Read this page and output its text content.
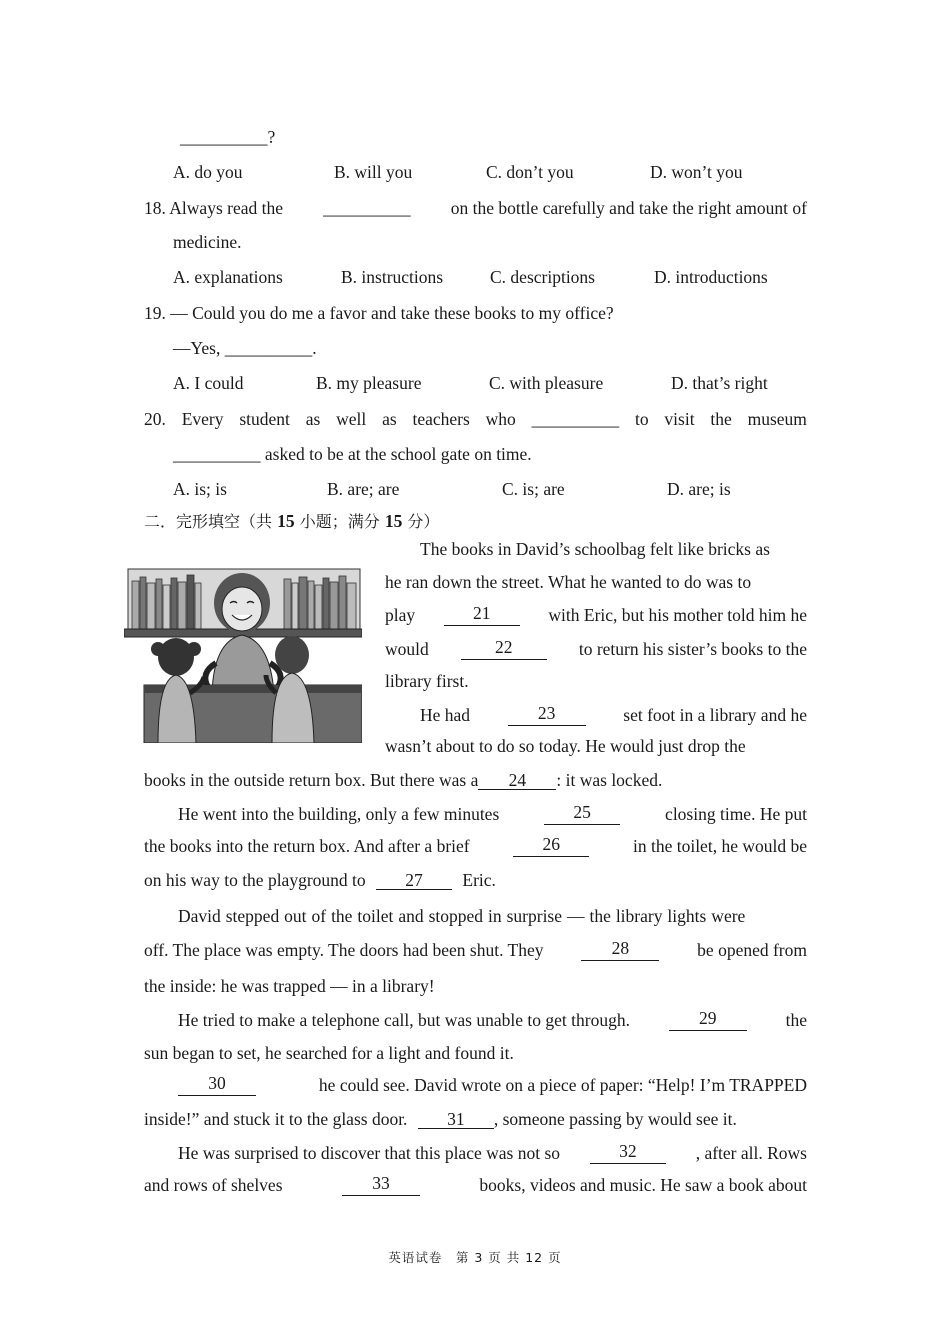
__________?
A. do you	B. will you	C. don’t you	D. won’t you
18. Always read the __________ on the bottle carefully and take the right amount of
medicine.
A. explanations	B. instructions	C. descriptions	D. introductions
19. — Could you do me a favor and take these books to my office?
—Yes, __________.
A. I could	B. my pleasure	C. with pleasure	D. that’s right
20. Every student as well as teachers who __________ to visit the museum
__________ asked to be at the school gate on time.
A. is; is	B. are; are	C. is; are	D. are; is
二．完形填空（共 15 小题；满分 15 分）
The books in David’s schoolbag felt like bricks as
he ran down the street. What he wanted to do was to
play	21	with Eric, but his mother told him he
would	22	to return his sister’s books to the
library first.
He had	23	set foot in a library and he
wasn’t about to do so today. He would just drop the
books in the outside return box. But there was a 24 : it was locked.
He went into the building, only a few minutes	25	closing time. He put
the books into the return box. And after a brief	26	in the toilet, he would be
on his way to the playground to 27 Eric.
David stepped out of the toilet and stopped in surprise — the library lights were
off. The place was empty. The doors had been shut. They	28	be opened from
the inside: he was trapped — in a library!
He tried to make a telephone call, but was unable to get through.	29	the
sun began to set, he searched for a light and found it.
30	he could see. David wrote on a piece of paper: “Help! I’m TRAPPED
inside!” and stuck it to the glass door. 31 , someone passing by would see it.
He was surprised to discover that this place was not so	32	, after all. Rows
and rows of shelves	33	books, videos and music. He saw a book about
英语试卷　第 3 页 共 12 页
